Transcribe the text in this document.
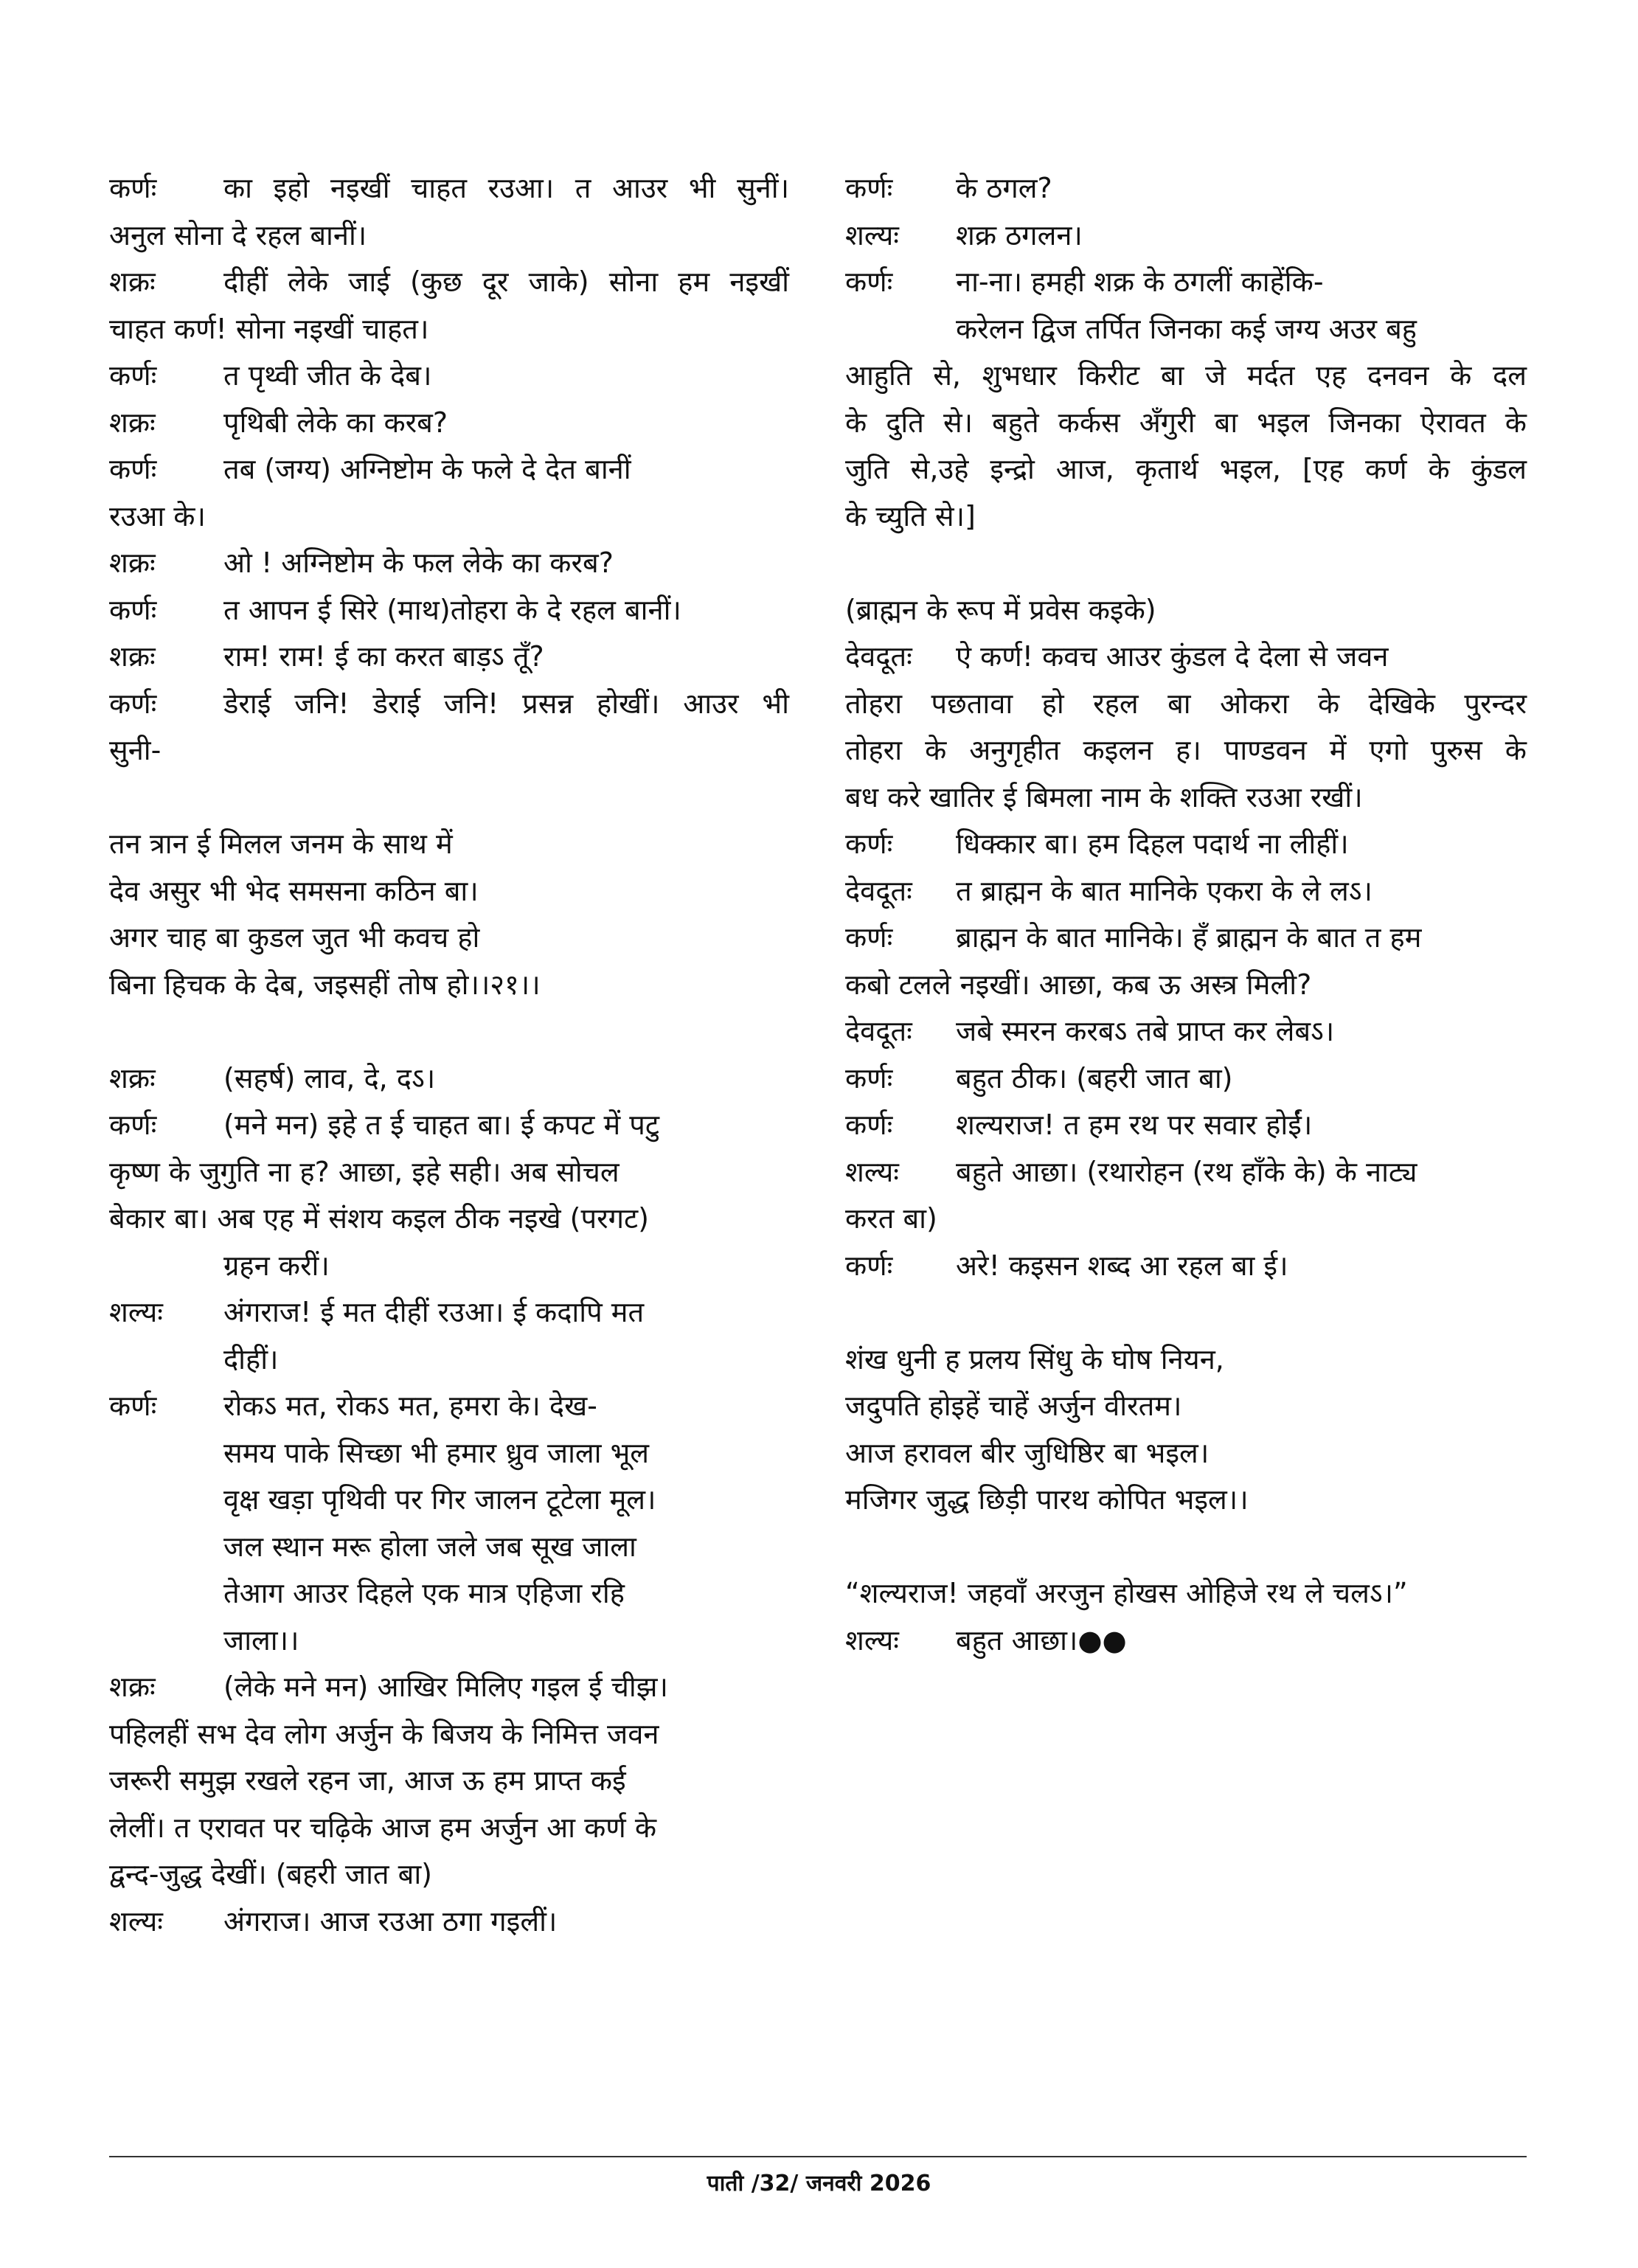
कर्णः का इहो नइखीं चाहत रउआ। त आउर भी सुनीं।
अनुल सोना दे रहल बानीं।
शक्रः दीहीं लेके जाई (कुछ दूर जाके) सोना हम नइखीं
चाहत कर्ण! सोना नइखीं चाहत।
कर्णः त पृथ्वी जीत के देब।
शक्रः पृथिबी लेके का करब?
कर्णः तब (जग्य) अग्निष्टोम के फले दे देत बानीं
रउआ के।
शक्रः ओ ! अग्निष्टोम के फल लेके का करब?
कर्णः त आपन ई सिरे (माथ)तोहरा के दे रहल बानीं।
शक्रः राम! राम! ई का करत बाड़ऽ तूँ?
कर्णः डेराई जनि! डेराई जनि! प्रसन्न होखीं। आउर भी
सुनी-
तन त्रान ई मिलल जनम के साथ में
देव असुर भी भेद समसना कठिन बा।
अगर चाह बा कुडल जुत भी कवच हो
बिना हिचक के देब, जइसहीं तोष हो।।२१।।
शक्रः (सहर्ष) लाव, दे, दऽ।
कर्णः (मने मन) इहे त ई चाहत बा। ई कपट में पटु
कृष्ण के जुगुति ना ह? आछा, इहे सही। अब सोचल
बेकार बा। अब एह में संशय कइल ठीक नइखे (परगट)
ग्रहन करीं।
शल्यः अंगराज! ई मत दीहीं रउआ। ई कदापि मत
दीहीं।
कर्णः रोकऽ मत, रोकऽ मत, हमरा के। देख-
समय पाके सिच्छा भी हमार ध्रुव जाला भूल
वृक्ष खड़ा पृथिवी पर गिर जालन टूटेला मूल।
जल स्थान मरू होला जले जब सूख जाला
तेआग आउर दिहले एक मात्र एहिजा रहि
जाला।।
शक्रः (लेके मने मन) आखिर मिलिए गइल ई चीझ।
पहिलहीं सभ देव लोग अर्जुन के बिजय के निमित्त जवन
जरूरी समुझ रखले रहन जा, आज ऊ हम प्राप्त कई
लेलीं। त एरावत पर चढ़िके आज हम अर्जुन आ कर्ण के
द्वन्द-जुद्ध देखीं। (बहरी जात बा)
शल्यः अंगराज। आज रउआ ठगा गइलीं।
कर्णः के ठगल?
शल्यः शक्र ठगलन।
कर्णः ना-ना। हमही शक्र के ठगलीं काहेंकि-
करेलन द्विज तर्पित जिनका कई जग्य अउर बहु
आहुति से, शुभधार किरीट बा जे मर्दत एह दनवन के दल
के दुति से। बहुते कर्कस अँगुरी बा भइल जिनका ऐरावत के
जुति से,उहे इन्द्रो आज, कृतार्थ भइल, [एह कर्ण के कुंडल
के च्युति से।]
(ब्राह्मन के रूप में प्रवेस कइके)
देवदूतः ऐ कर्ण! कवच आउर कुंडल दे देला से जवन
तोहरा पछतावा हो रहल बा ओकरा के देखिके पुरन्दर
तोहरा के अनुगृहीत कइलन ह। पाण्डवन में एगो पुरुस के
बध करे खातिर ई बिमला नाम के शक्ति रउआ रखीं।
कर्णः धिक्कार बा। हम दिहल पदार्थ ना लीहीं।
देवदूतः त ब्राह्मन के बात मानिके एकरा के ले लऽ।
कर्णः ब्राह्मन के बात मानिके। हँ ब्राह्मन के बात त हम
कबो टलले नइखीं। आछा, कब ऊ अस्त्र मिली?
देवदूतः जबे स्मरन करबऽ तबे प्राप्त कर लेबऽ।
कर्णः बहुत ठीक। (बहरी जात बा)
कर्णः शल्यराज! त हम रथ पर सवार होईं।
शल्यः बहुते आछा। (रथारोहन (रथ हाँके के) के नाट्य
करत बा)
कर्णः अरे! कइसन शब्द आ रहल बा ई।
शंख धुनी ह प्रलय सिंधु के घोष नियन,
जदुपति होइहें चाहें अर्जुन वीरतम।
आज हरावल बीर जुधिष्ठिर बा भइल।
मजिगर जुद्ध छिड़ी पारथ कोपित भइल।।
“शल्यराज! जहवाँ अरजुन होखस ओहिजे रथ ले चलऽ।”
शल्यः बहुत आछा।●●
पाती /32/ जनवरी 2026
